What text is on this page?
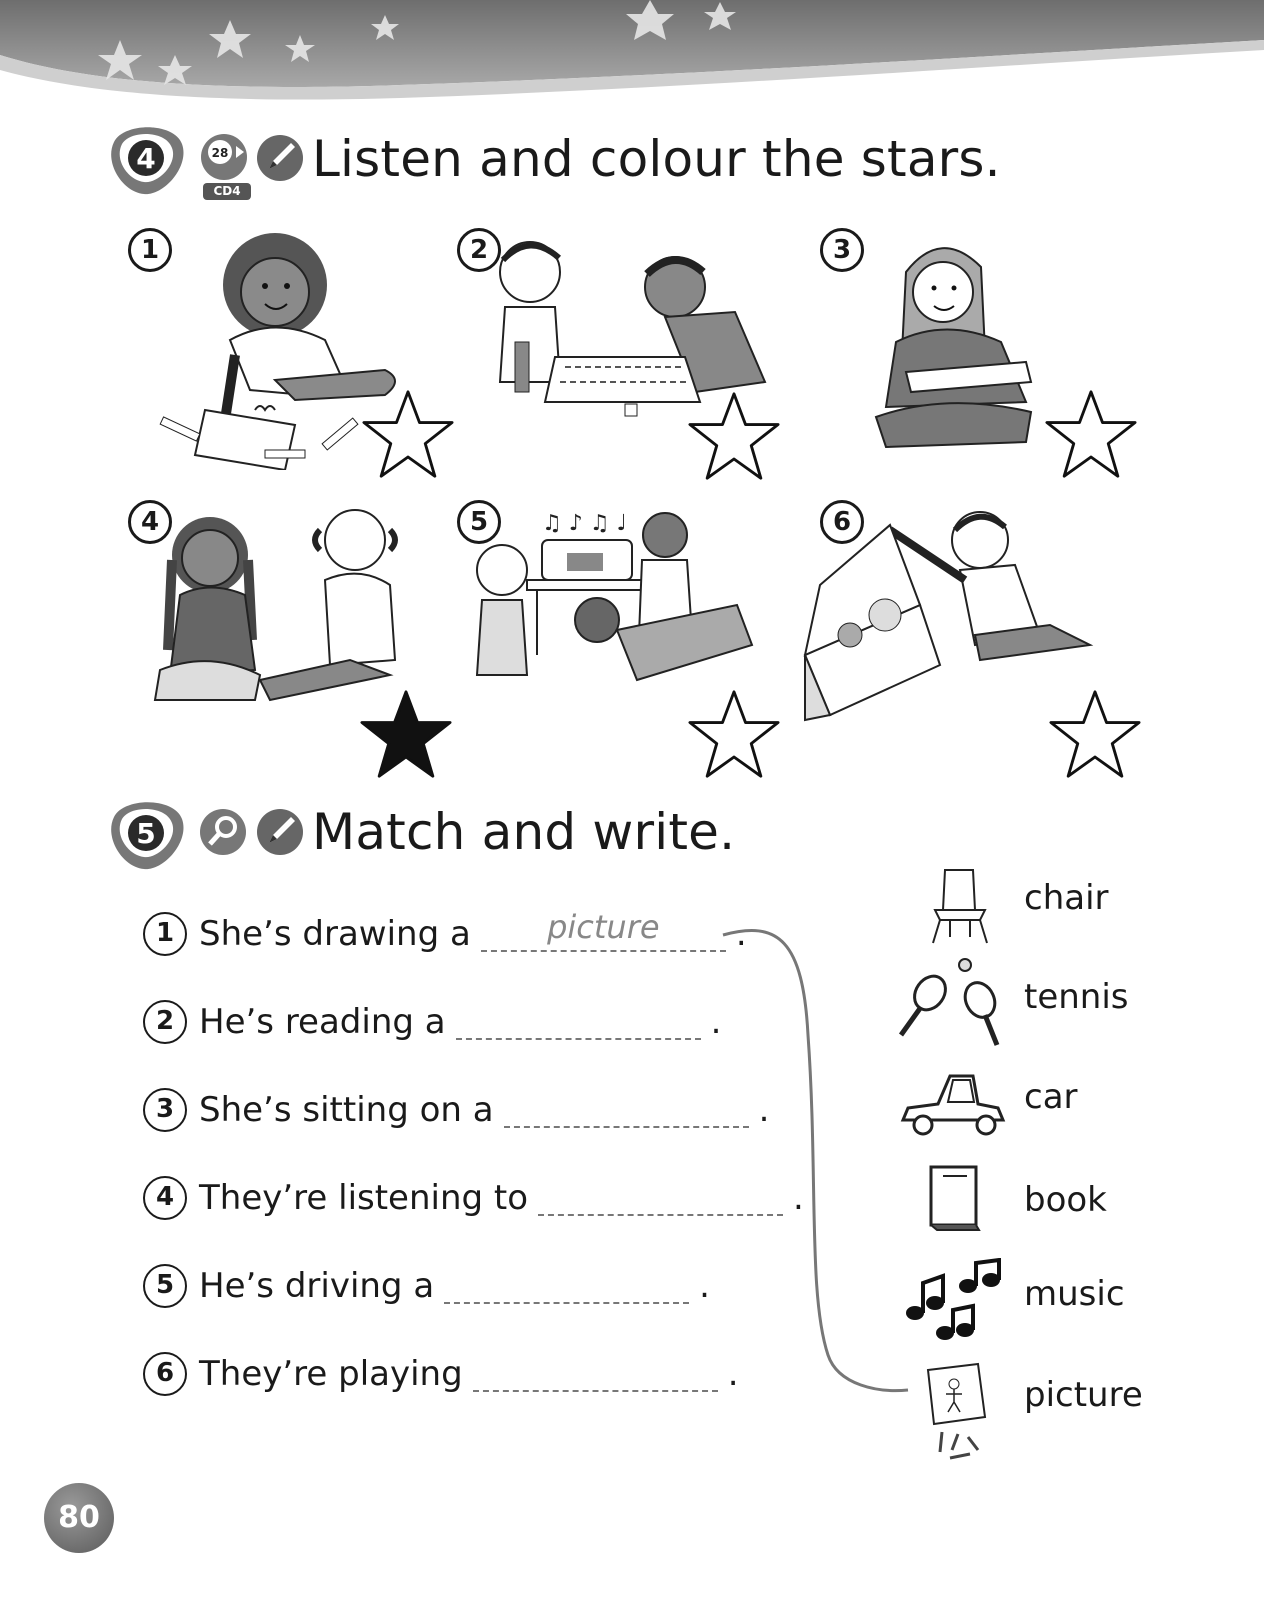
4	28
CD4
Listen and colour the stars.
1	2	3
4	5	♫ ♪ ♫ ♩	6
5	Match and write.
1 She’s drawing a	picture	.
2 He’s reading a	.
3 She’s sitting on a	.
4 They’re listening to	.
5 He’s driving a	.
6 They’re playing	.
chair
tennis
car
book
music
picture
80
